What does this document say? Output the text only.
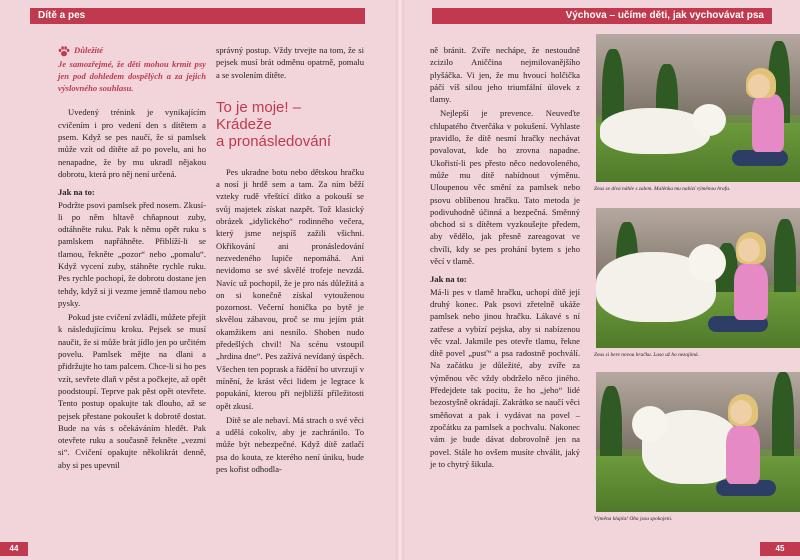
Dítě a pes	Výchova – učíme děti, jak vychovávat psa
Důležité

Je samozřejmé, že děti mohou krmit psy jen pod dohledem dospělých a za jejich výslovného souhlasu.

Uvedený trénink je vynikajícím cvičením i pro vedení den s dítětem a psem. Když se pes naučí, že si pamlsek může vzít od dítěte až po povelu, ani ho nenapadne, že by mu ukradl nějakou dobrotu, která pro něj není určená.

Jak na to:

Podržte psovi pamlsek před nosem. Zkusí-li po něm hltavě chňapnout zuby, odtáhněte ruku. Pak k němu opět ruku s pamlskem napřáhněte. Přiblíží-li se tlamou, řekněte „pozor“ nebo „pomalu“. Když vycení zuby, stáhněte rychle ruku. Pes rychle pochopí, že dobrotu dostane jen tehdy, když si ji vezme jemně tlamou nebo pysky.

Pokud jste cvičení zvládli, můžete přejít k následujícímu kroku. Pejsek se musí naučit, že si může brát jídlo jen po určitém povelu. Pamlsek mějte na dlani a přidržujte ho tam palcem. Chce-li si ho pes vzít, sevřete dlaň v pěst a počkejte, až opět poodstoupí. Teprve pak pěst opět otevřete. Tento postup opakujte tak dlouho, až se pejsek přestane pokoušet k dobrotě dostat. Bude na vás s očekáváním hledět. Pak otevřete ruku a současně řekněte „vezmi si“. Cvičení opakujte několikrát denně, aby si pes upevnil

správný postup. Vždy trvejte na tom, že si pejsek musí brát odměnu opatrně, pomalu a se svolením dítěte.

To je moje! –
Krádeže
a pronásledování

Pes ukradne botu nebo dětskou hračku a nosí ji hrdě sem a tam. Za ním běží vzteky rudě vřeštící dítko a pokouší se svůj majetek získat nazpět. Tož klasický obrázek „idylického“ rodinného večera, který jsme nejspíš zažili všichni. Okřikování ani pronásledování nezvedeného lupiče nepomáhá. Ani nevidomo se své skvělé trofeje nevzdá. Navíc už pochopil, že je pro nás důležitá a on si konečně získal vytouženou pozornost. Večerní honička po bytě je skvělou zábavou, proč se mu jejím ptát okamžikem ani nesnílo. Shoben nudo předešlých chvil! Na scénu vstoupil „hrdina dne“. Pes zažívá nevídaný úspěch. Všechen ten poprask a řádění ho utvrzují v mínění, že krást věci lidem je legrace k popukání, kterou při nejbližší příležitosti opět zkusí.

Dítě se ale nebaví. Má strach o své věci a udělá cokoliv, aby je zachránilo. To může být nebezpečné. Když dítě zatlačí psa do kouta, ze kterého není úniku, bude pes kořist odhodla-

ně bránit. Zvíře nechápe, že nestoudně zcizilo Aniččina nejmilovanějšího plyšáčka. Vi jen, že mu hvoucí holčička páčí víš silou jeho triumfální úlovek z tlamy.

Nejlepší je prevence. Neuveďte chlupatého čtverčáka v pokušení. Vyhlaste pravidlo, že dítě nesmí hračky nechávat povalovat, kde ho zrovna napadne. Ukořistí-li pes přesto něco nedovoleného, může mu dítě nabídnout výměnu. Uloupenou věc smění za pamlsek nebo psovu oblíbenou hračku. Tato metoda je podivuhodně účinná a bezpečná. Směnný obchod si s dítětem vyzkoušejte předem, aby vědělo, jak přesně zareagovat ve chvíli, kdy se pes prohání bytem s jeho věcí v tlamě.

Jak na to:

Má-li pes v tlamě hračku, uchopí dítě její druhý konec. Pak psovi zřetelně ukáže pamlsek nebo jinou hračku. Lákavé s ní zatřese a vybízí pejska, aby si nabízenou věc vzal. Jakmile pes otevře tlamu, řekne dítě povel „pusť“ a psa radostně pochválí. Na začátku je důležité, aby zvíře za výměnou věc vždy obdrželo něco jiného. Předejdete tak pocitu, že ho „jeho“ lidé bezostyšně okrádají. Zakrátko se naučí věci směňovat a pak i vydávat na povel – zpočátku za pamlsek a pochvalu. Nakonec vám je bude dávat dobrovolně jen na povel. Stále ho ovšem musíte chválit, jaký je to chytrý šikula.

Zeus se dívá náhle s zalem. Malénka mu nabízí výměnou hrafu.
Zeus si bere novou hračku. Laso už ho nezajímá.
Výměna klapla! Oba jsou spokojeni.
44	45
